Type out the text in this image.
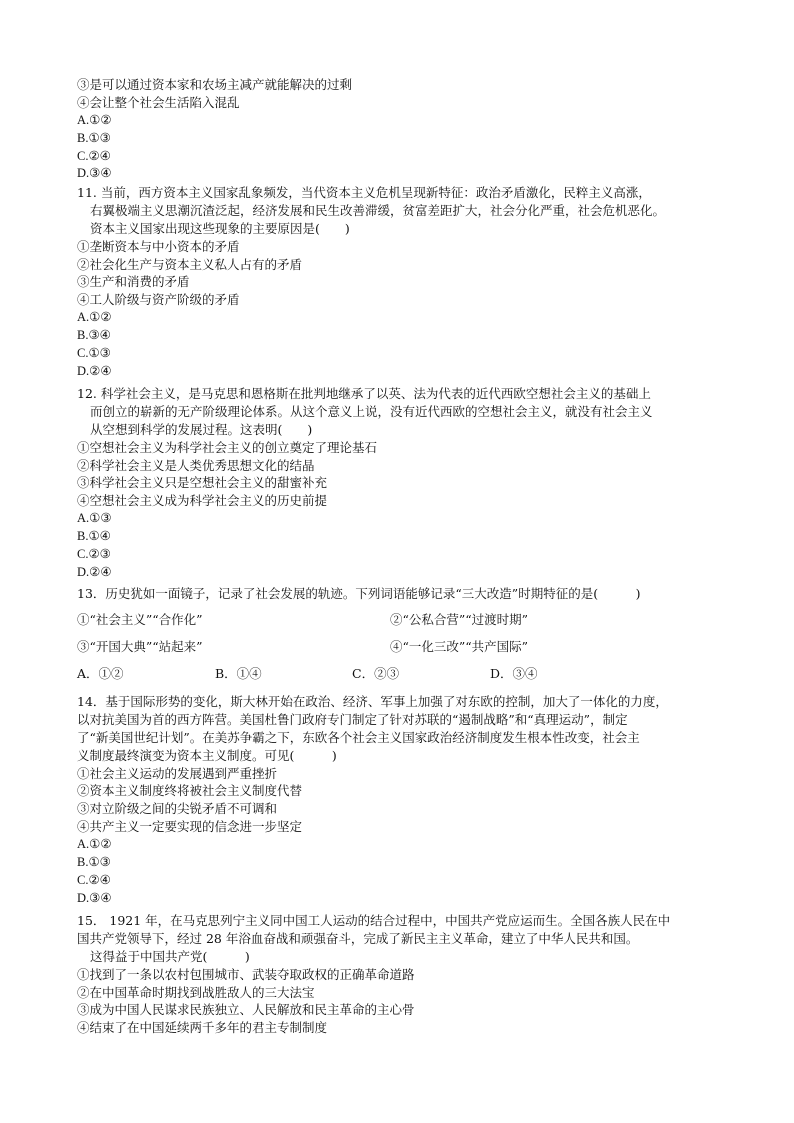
③是可以通过资本家和农场主减产就能解决的过剩
④会让整个社会生活陷入混乱
A.①②
B.①③
C.②④
D.③④
11. 当前，西方资本主义国家乱象频发，当代资本主义危机呈现新特征：政治矛盾激化，民粹主义高涨，
右翼极端主义思潮沉渣泛起，经济发展和民生改善滞缓，贫富差距扩大，社会分化严重，社会危机恶化。
资本主义国家出现这些现象的主要原因是(　　)
①垄断资本与中小资本的矛盾
②社会化生产与资本主义私人占有的矛盾
③生产和消费的矛盾
④工人阶级与资产阶级的矛盾
A.①②
B.③④
C.①③
D.②④
12. 科学社会主义，是马克思和恩格斯在批判地继承了以英、法为代表的近代西欧空想社会主义的基础上
而创立的崭新的无产阶级理论体系。从这个意义上说，没有近代西欧的空想社会主义，就没有社会主义
从空想到科学的发展过程。这表明(　　)
①空想社会主义为科学社会主义的创立奠定了理论基石
②科学社会主义是人类优秀思想文化的结晶
③科学社会主义只是空想社会主义的甜蜜补充
④空想社会主义成为科学社会主义的历史前提
A.①③
B.①④
C.②③
D.②④
13．历史犹如一面镜子，记录了社会发展的轨迹。下列词语能够记录“三大改造”时期特征的是(　　　)
①“社会主义”“合作化”	②“公私合营”“过渡时期”
③“开国大典”“站起来”	④“一化三改”“共产国际”
A．①②	B．①④	C．②③	D．③④
14．基于国际形势的变化，斯大林开始在政治、经济、军事上加强了对东欧的控制，加大了一体化的力度，
以对抗美国为首的西方阵营。美国杜鲁门政府专门制定了针对苏联的“遏制战略”和“真理运动”，制定
了“新美国世纪计划”。在美苏争霸之下，东欧各个社会主义国家政治经济制度发生根本性改变，社会主
义制度最终演变为资本主义制度。可见(　　　)
①社会主义运动的发展遇到严重挫折
②资本主义制度终将被社会主义制度代替
③对立阶级之间的尖锐矛盾不可调和
④共产主义一定要实现的信念进一步坚定
A.①②
B.①③
C.②④
D.③④
15． 1921 年，在马克思列宁主义同中国工人运动的结合过程中，中国共产党应运而生。全国各族人民在中
国共产党领导下，经过 28 年浴血奋战和顽强奋斗，完成了新民主主义革命，建立了中华人民共和国。
这得益于中国共产党(　　　)
①找到了一条以农村包围城市、武装夺取政权的正确革命道路
②在中国革命时期找到战胜敌人的三大法宝
③成为中国人民谋求民族独立、人民解放和民主革命的主心骨
④结束了在中国延续两千多年的君主专制制度
